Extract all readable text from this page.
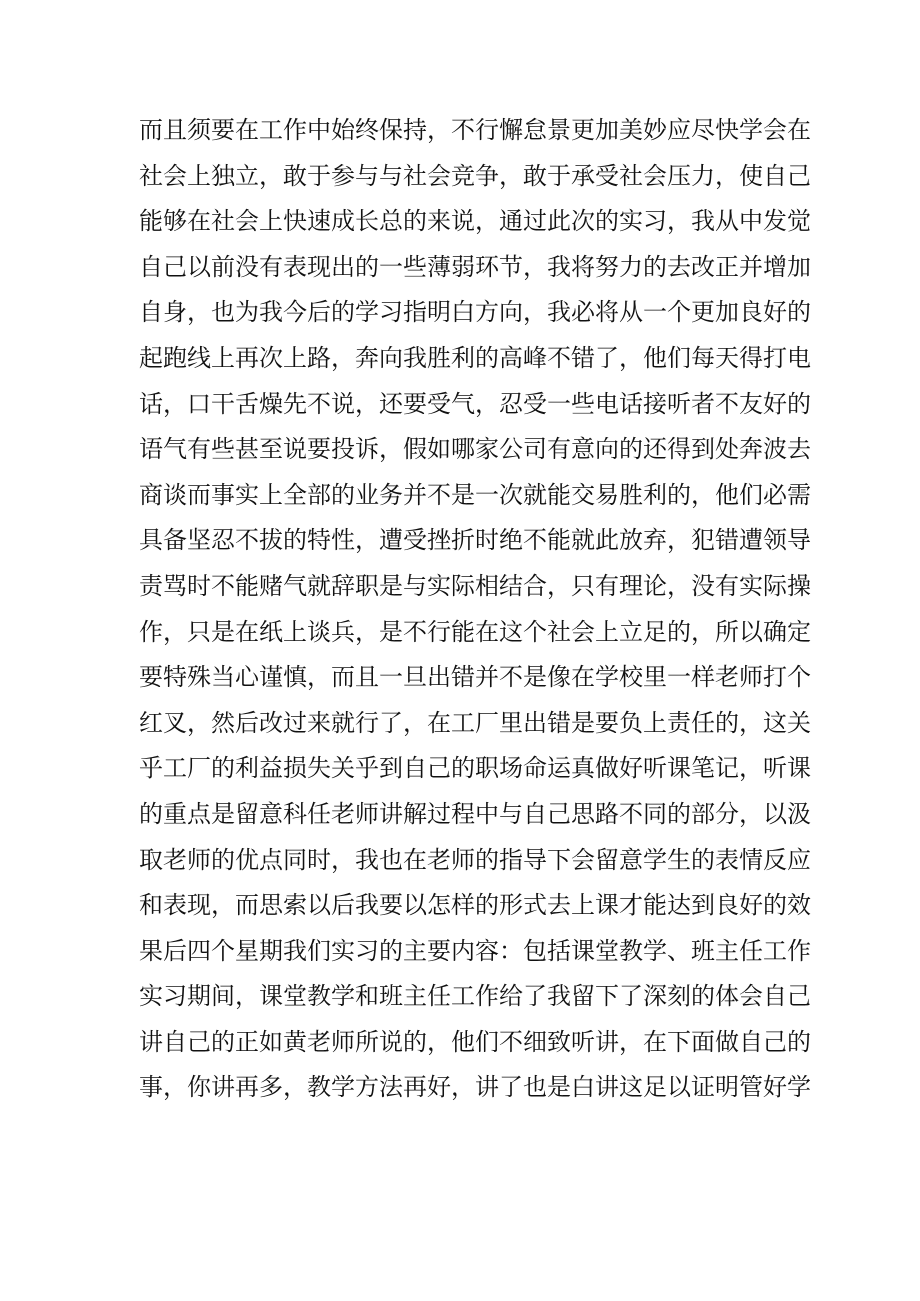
而且须要在工作中始终保持，不行懈怠景更加美妙应尽快学会在
社会上独立，敢于参与与社会竞争，敢于承受社会压力，使自己
能够在社会上快速成长总的来说，通过此次的实习，我从中发觉
自己以前没有表现出的一些薄弱环节，我将努力的去改正并增加
自身，也为我今后的学习指明白方向，我必将从一个更加良好的
起跑线上再次上路，奔向我胜利的高峰不错了，他们每天得打电
话，口干舌燥先不说，还要受气，忍受一些电话接听者不友好的
语气有些甚至说要投诉，假如哪家公司有意向的还得到处奔波去
商谈而事实上全部的业务并不是一次就能交易胜利的，他们必需
具备坚忍不拔的特性，遭受挫折时绝不能就此放弃，犯错遭领导
责骂时不能赌气就辞职是与实际相结合，只有理论，没有实际操
作，只是在纸上谈兵，是不行能在这个社会上立足的，所以确定
要特殊当心谨慎，而且一旦出错并不是像在学校里一样老师打个
红叉，然后改过来就行了，在工厂里出错是要负上责任的，这关
乎工厂的利益损失关乎到自己的职场命运真做好听课笔记，听课
的重点是留意科任老师讲解过程中与自己思路不同的部分，以汲
取老师的优点同时，我也在老师的指导下会留意学生的表情反应
和表现，而思索以后我要以怎样的形式去上课才能达到良好的效
果后四个星期我们实习的主要内容：包括课堂教学、班主任工作
实习期间，课堂教学和班主任工作给了我留下了深刻的体会自己
讲自己的正如黄老师所说的，他们不细致听讲，在下面做自己的
事，你讲再多，教学方法再好，讲了也是白讲这足以证明管好学
